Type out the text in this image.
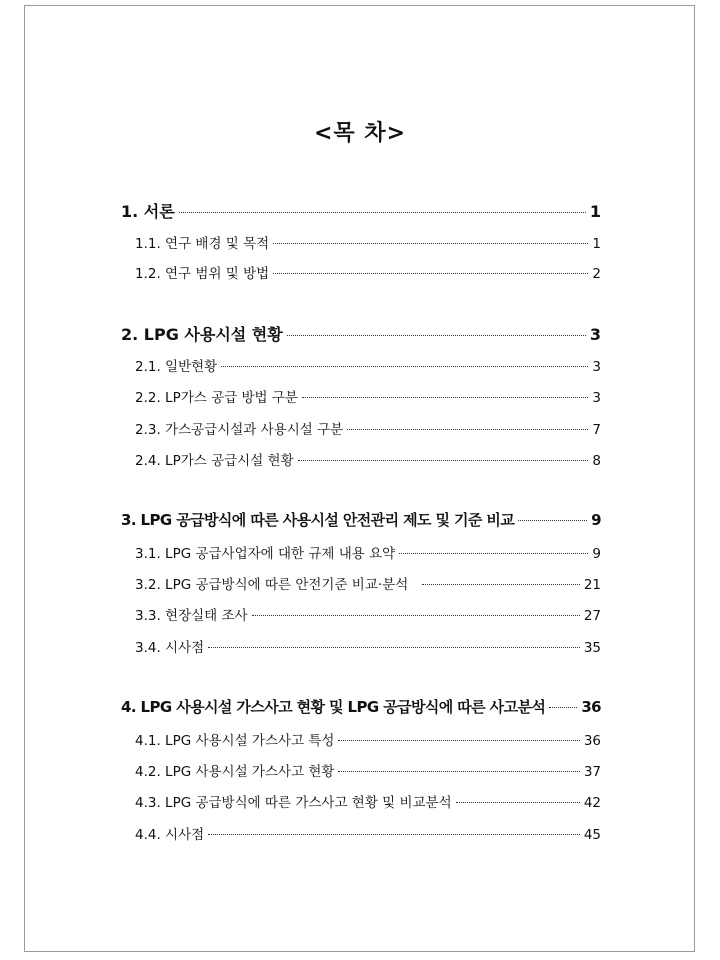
<목 차>
1. 서론	1
1.1. 연구 배경 및 목적	1
1.2. 연구 범위 및 방법	2
2. LPG 사용시설 현황	3
2.1. 일반현황	3
2.2. LP가스 공급 방법 구분	3
2.3. 가스공급시설과 사용시설 구분	7
2.4. LP가스 공급시설 현황	8
3. LPG 공급방식에 따른 사용시설 안전관리 제도 및 기준 비교	9
3.1. LPG 공급사업자에 대한 규제 내용 요약	9
3.2. LPG 공급방식에 따른 안전기준 비교·분석	21
3.3. 현장실태 조사	27
3.4. 시사점	35
4. LPG 사용시설 가스사고 현황 및 LPG 공급방식에 따른 사고분석 36
4.1. LPG 사용시설 가스사고 특성	36
4.2. LPG 사용시설 가스사고 현황	37
4.3. LPG 공급방식에 따른 가스사고 현황 및 비교분석	42
4.4. 시사점	45
